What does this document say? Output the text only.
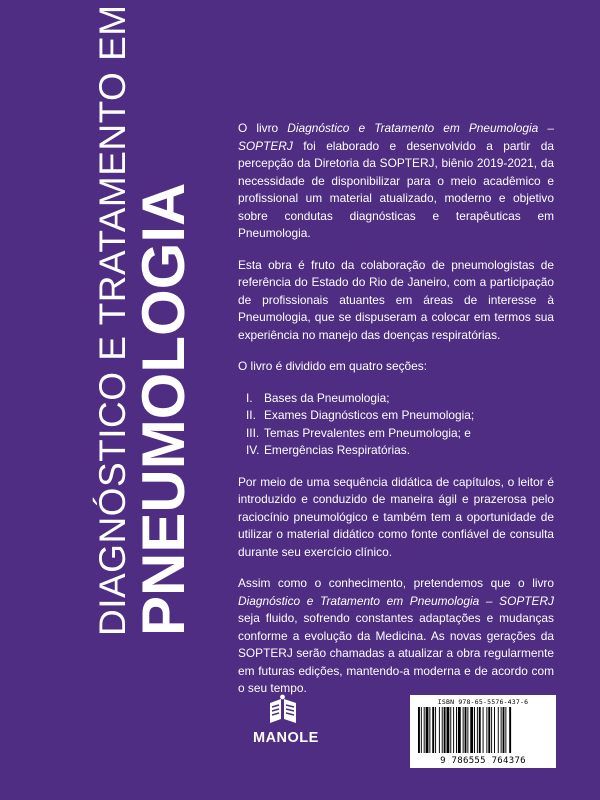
DIAGNÓSTICO E TRATAMENTO EM
PNEUMOLOGIA

O livro Diagnóstico e Tratamento em Pneumologia – SOPTERJ foi elaborado e desenvolvido a partir da percepção da Diretoria da SOPTERJ, biênio 2019-2021, da necessidade de disponibilizar para o meio acadêmico e profissional um material atualizado, moderno e objetivo sobre condutas diagnósticas e terapêuticas em Pneumologia.

Esta obra é fruto da colaboração de pneumologistas de referência do Estado do Rio de Janeiro, com a participação de profissionais atuantes em áreas de interesse à Pneumologia, que se dispuseram a colocar em termos sua experiência no manejo das doenças respiratórias.

O livro é dividido em quatro seções:

I. Bases da Pneumologia;
II. Exames Diagnósticos em Pneumologia;
III. Temas Prevalentes em Pneumologia; e
IV. Emergências Respiratórias.

Por meio de uma sequência didática de capítulos, o leitor é introduzido e conduzido de maneira ágil e prazerosa pelo raciocínio pneumológico e também tem a oportunidade de utilizar o material didático como fonte confiável de consulta durante seu exercício clínico.

Assim como o conhecimento, pretendemos que o livro Diagnóstico e Tratamento em Pneumologia – SOPTERJ seja fluido, sofrendo constantes adaptações e mudanças conforme a evolução da Medicina. As novas gerações da SOPTERJ serão chamadas a atualizar a obra regularmente em futuras edições, mantendo-a moderna e de acordo com o seu tempo.

MANOLE
ISBN 978-65-5576-437-6
9 786555 764376
